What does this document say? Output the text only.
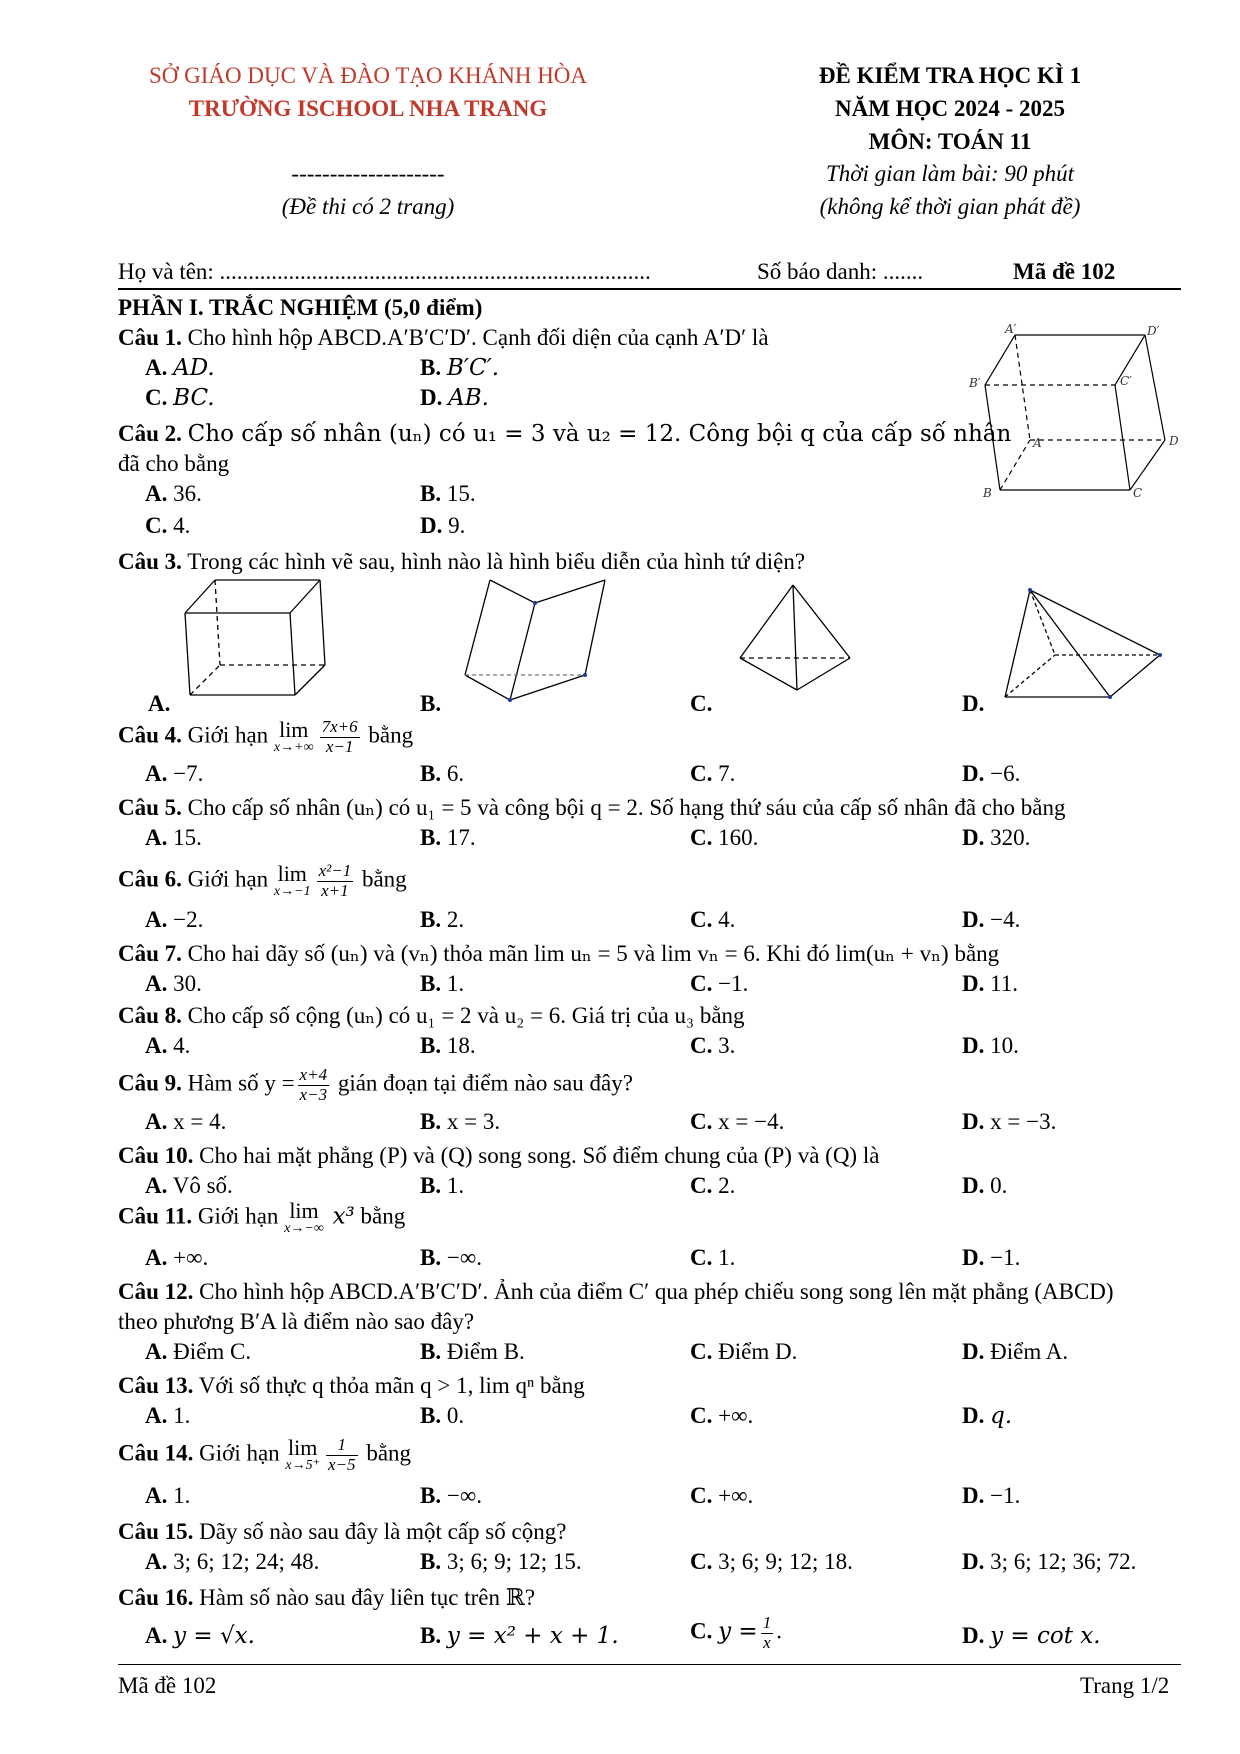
SỞ GIÁO DỤC VÀ ĐÀO TẠO KHÁNH HÒA
TRƯỜNG ISCHOOL NHA TRANG
--------------------
(Đề thi có 2 trang)
ĐỀ KIỂM TRA HỌC KÌ 1
NĂM HỌC 2024 - 2025
MÔN: TOÁN 11
Thời gian làm bài: 90 phút
(không kể thời gian phát đề)
Họ và tên: ...........................................................................	Số báo danh: .......	Mã đề 102
PHẦN I. TRẮC NGHIỆM (5,0 điểm)
Câu 1. Cho hình hộp ABCD.A′B′C′D′. Cạnh đối diện của cạnh A′D′ là
A. AD.	B. B′C′.
C. BC.	D. AB.
A′	D′
B′	C′
A	D
B	C
Câu 2. Cho cấp số nhân (uₙ) có u₁ = 3 và u₂ = 12. Công bội q của cấp số nhân
đã cho bằng
A. 36.	B. 15.
C. 4.	D. 9.
Câu 3. Trong các hình vẽ sau, hình nào là hình biểu diễn của hình tứ diện?
A.	B.	C.	D.
Câu 4. Giới hạn lim
$x\to+\infty \frac{7x+6}{x-1}$ bằng
A. −7.	B. 6.	C. 7.	D. −6.
Câu 5. Cho cấp số nhân (uₙ) có u₁ = 5 và công bội q = 2. Số hạng thứ sáu của cấp số nhân đã cho bằng
A. 15.	B. 17.	C. 160.	D. 320.
Câu 6. Giới hạn lim
$x\to-1 \frac{\text{x²−1}}{x+1}$ bằng
A. −2.	B. 2.	C. 4.	D. −4.
Câu 7. Cho hai dãy số (uₙ) và (vₙ) thỏa mãn lim uₙ = 5 và lim vₙ = 6. Khi đó lim(uₙ + vₙ) bằng
A. 30.	B. 1.	C. −1.	D. 11.
Câu 8. Cho cấp số cộng (uₙ) có u₁ = 2 và u₂ = 6. Giá trị của u₃ bằng
A. 4.	B. 18.	C. 3.	D. 10.
Câu 9. Hàm số $y = \frac{x+4}{x-3}$ gián đoạn tại điểm nào sau đây?
A. x = 4.	B. x = 3.	C. x = −4.	D. x = −3.
Câu 10. Cho hai mặt phẳng (P) và (Q) song song. Số điểm chung của (P) và (Q) là
A. Vô số.	B. 1.	C. 2.	D. 0.
Câu 11. Giới hạn lim
x→−∞ x³ bằng
A. +∞.	B. −∞.	C. 1.	D. −1.
Câu 12. Cho hình hộp ABCD.A′B′C′D′. Ảnh của điểm C′ qua phép chiếu song song lên mặt phẳng (ABCD)
theo phương B′A là điểm nào sao đây?
A. Điểm C.	B. Điểm B.	C. Điểm D.	D. Điểm A.
Câu 13. Với số thực q thỏa mãn q > 1, lim qⁿ bằng
A. 1.	B. 0.	C. +∞.	D. q.
Câu 14. Giới hạn lim
$x\to 5^+ \frac{1}{x-5}$ bằng
A. 1.	B. −∞.	C. +∞.	D. −1.
Câu 15. Dãy số nào sau đây là một cấp số cộng?
A. 3; 6; 12; 24; 48.	B. 3; 6; 9; 12; 15.	C. 3; 6; 9; 12; 18.	D. 3; 6; 12; 36; 72.
Câu 16. Hàm số nào sau đây liên tục trên ℝ?
A. y = √x.	B. y = x² + x + 1.	C. $y = \frac{1}{x}$ .	D. y = cot x.
Mã đề 102	Trang 1/2
